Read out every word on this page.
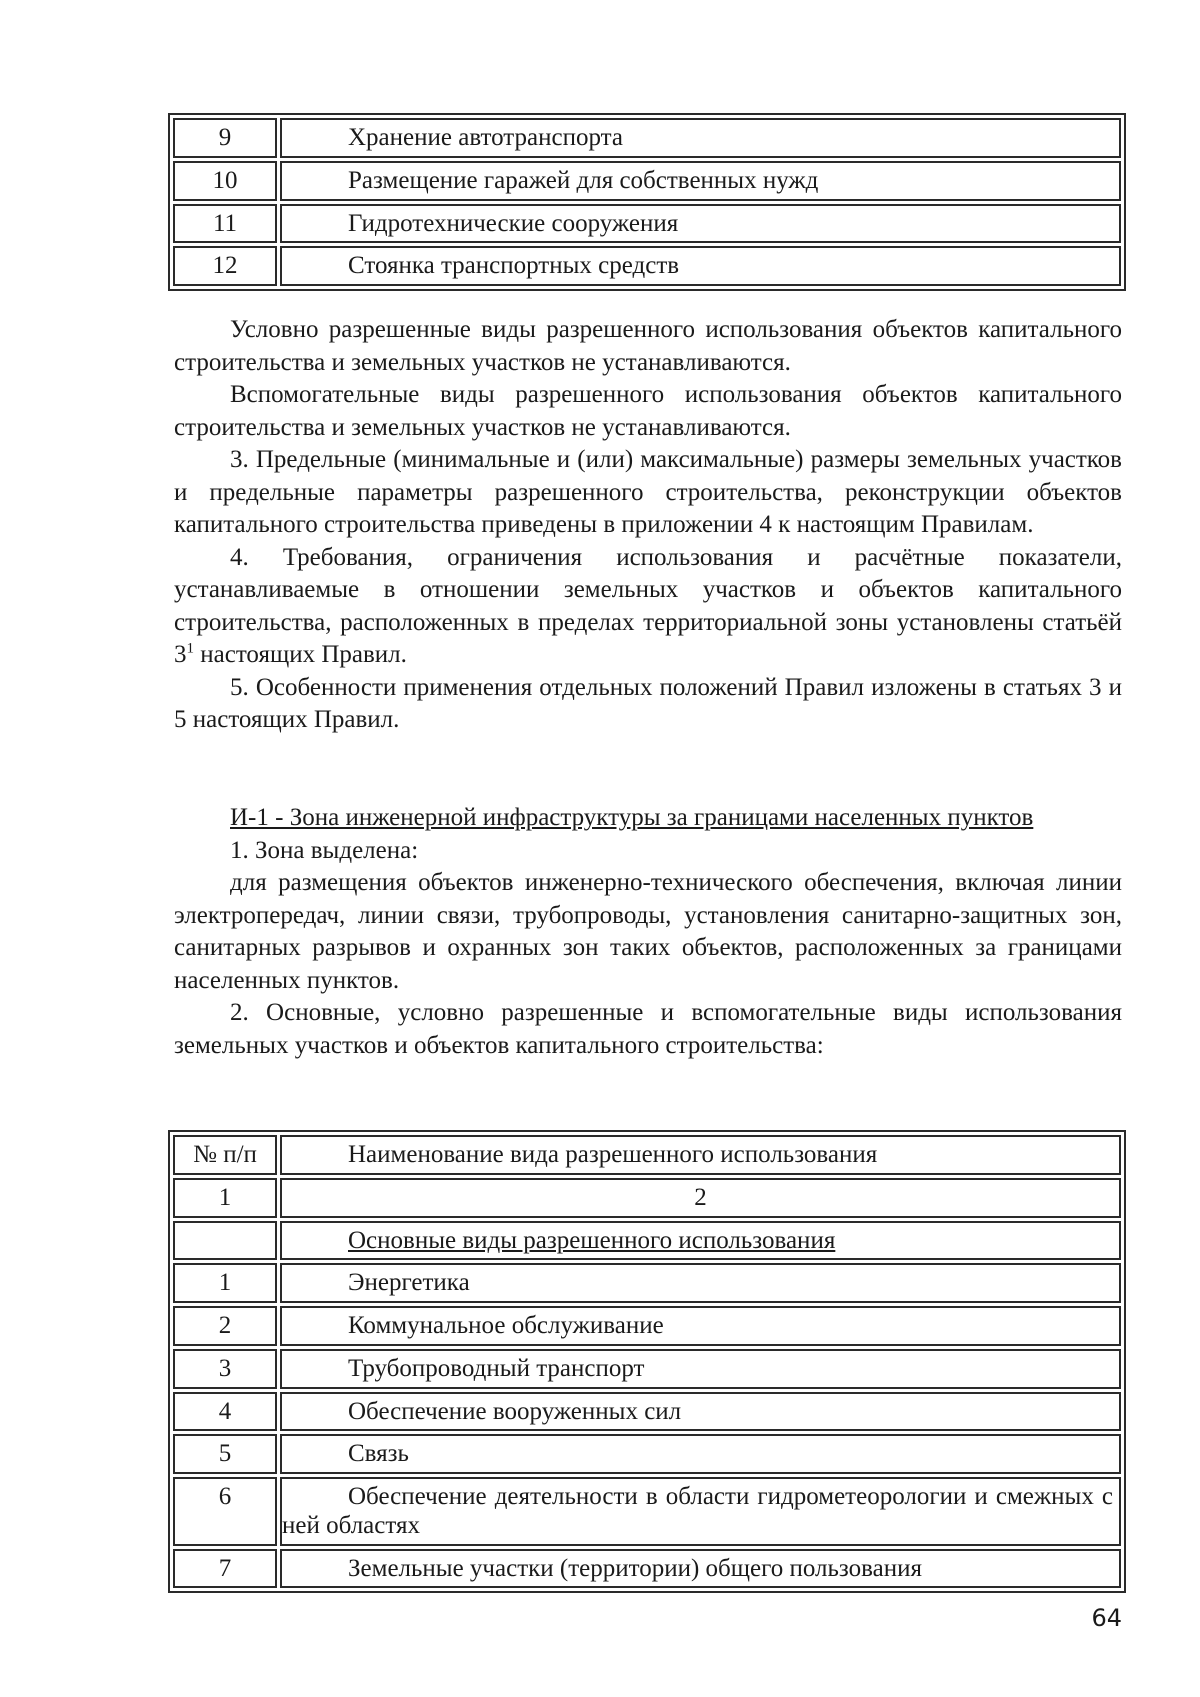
9	Хранение автотранспорта
10	Размещение гаражей для собственных нужд
11	Гидротехнические сооружения
12	Стоянка транспортных средств

Условно разрешенные виды разрешенного использования объектов капитального строительства и земельных участков не устанавливаются.

Вспомогательные виды разрешенного использования объектов капитального строительства и земельных участков не устанавливаются.

3. Предельные (минимальные и (или) максимальные) размеры земельных участков и предельные параметры разрешенного строительства, реконструкции объектов капитального строительства приведены в приложении 4 к настоящим Правилам.

4. Требования, ограничения использования и расчётные показатели, устанавливаемые в отношении земельных участков и объектов капитального строительства, расположенных в пределах территориальной зоны установлены статьёй $3^1$ настоящих Правил.

5. Особенности применения отдельных положений Правил изложены в статьях 3 и 5 настоящих Правил.

И-1 - Зона инженерной инфраструктуры за границами населенных пунктов

1. Зона выделена:

для размещения объектов инженерно-технического обеспечения, включая линии электропередач, линии связи, трубопроводы, установления санитарно-защитных зон, санитарных разрывов и охранных зон таких объектов, расположенных за границами населенных пунктов.

2. Основные, условно разрешенные и вспомогательные виды использования земельных участков и объектов капитального строительства:

№ п/п	Наименование вида разрешенного использования
1	2
	Основные виды разрешенного использования
1	Энергетика
2	Коммунальное обслуживание
3	Трубопроводный транспорт
4	Обеспечение вооруженных сил
5	Связь
6	Обеспечение деятельности в области гидрометеорологии и смежных с ней областях
7	Земельные участки (территории) общего пользования
64
